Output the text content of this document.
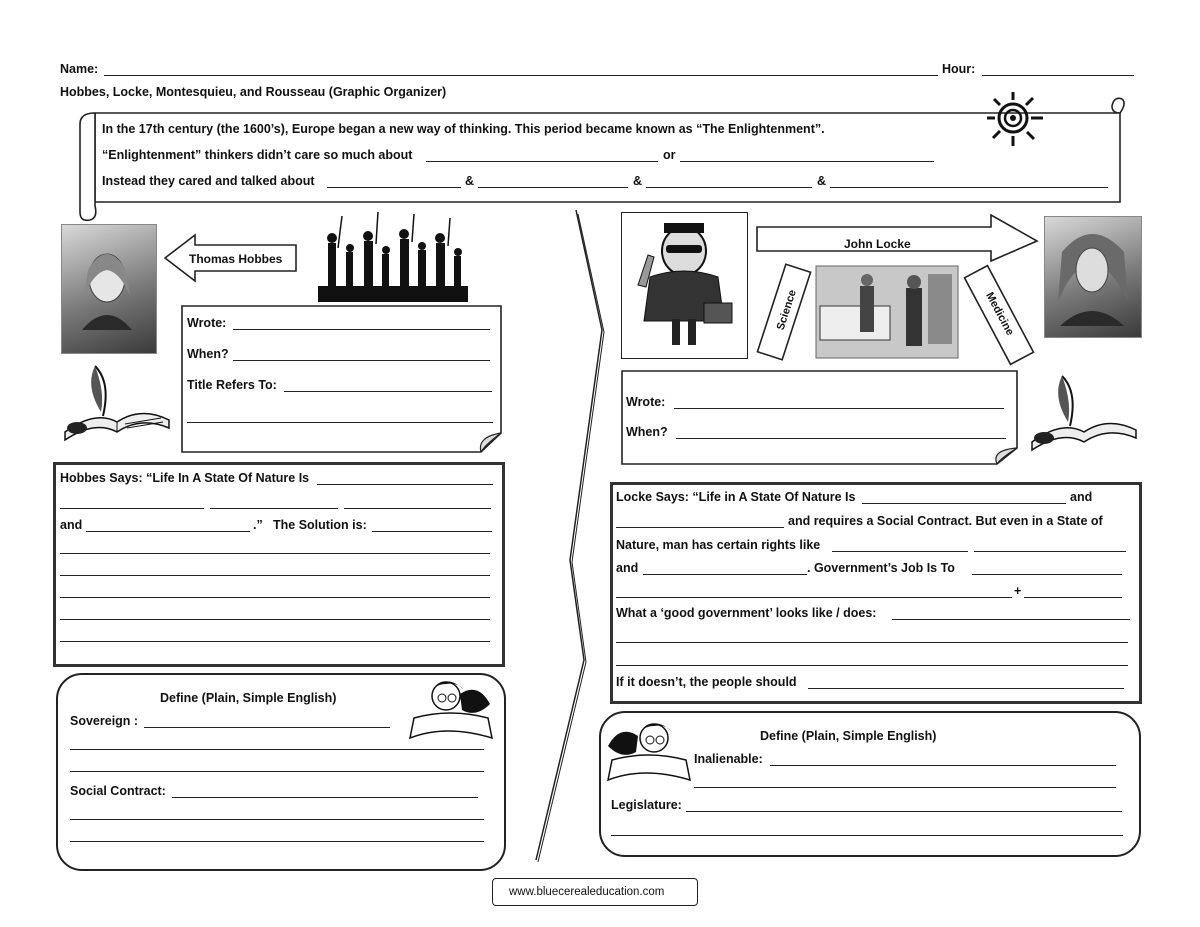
Name:	Hour:
Hobbes, Locke, Montesquieu, and Rousseau (Graphic Organizer)
In the 17th century (the 1600’s), Europe began a new way of thinking. This period became known as “The Enlightenment”.
“Enlightenment” thinkers didn’t care so much about	or
Instead they cared and talked about	&	&	&
Thomas Hobbes
Wrote:
When?
Title Refers To:
Hobbes Says: “Life In A State Of Nature Is
and	.” The Solution is:
Define (Plain, Simple English)
Sovereign :
Social Contract:
John Locke
Science	Medicine
Wrote:
When?
Locke Says: “Life in A State Of Nature Is	and
and requires a Social Contract. But even in a State of
Nature, man has certain rights like
and	. Government’s Job Is To
+
What a ‘good government’ looks like / does:
If it doesn’t, the people should
Define (Plain, Simple English)
Inalienable:
Legislature:
www.bluecerealeducation.com
